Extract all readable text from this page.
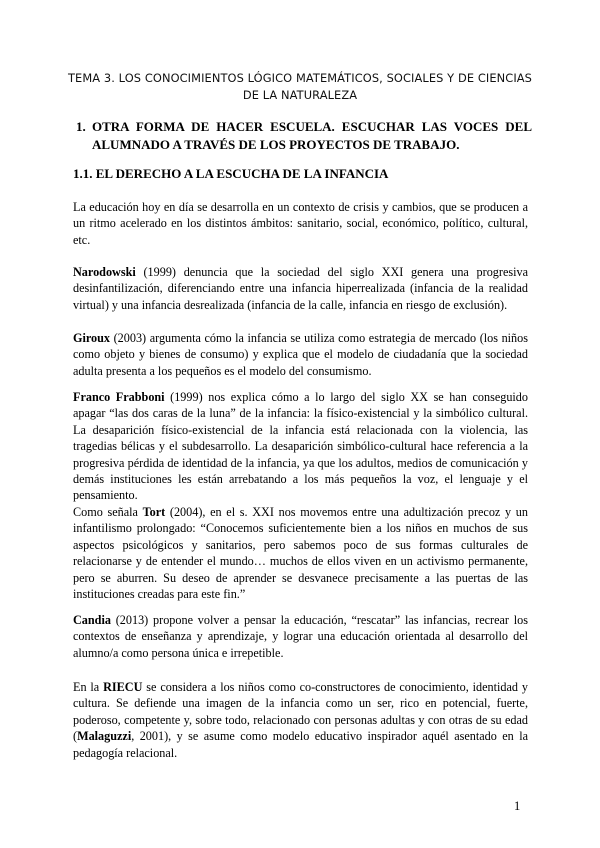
TEMA 3. LOS CONOCIMIENTOS LÓGICO MATEMÁTICOS, SOCIALES Y DE CIENCIAS DE LA NATURALEZA
1. OTRA FORMA DE HACER ESCUELA. ESCUCHAR LAS VOCES DEL ALUMNADO A TRAVÉS DE LOS PROYECTOS DE TRABAJO.
1.1. EL DERECHO A LA ESCUCHA DE LA INFANCIA

La educación hoy en día se desarrolla en un contexto de crisis y cambios, que se producen a un ritmo acelerado en los distintos ámbitos: sanitario, social, económico, político, cultural, etc.

Narodowski (1999) denuncia que la sociedad del siglo XXI genera una progresiva desinfantilización, diferenciando entre una infancia hiperrealizada (infancia de la realidad virtual) y una infancia desrealizada (infancia de la calle, infancia en riesgo de exclusión).

Giroux (2003) argumenta cómo la infancia se utiliza como estrategia de mercado (los niños como objeto y bienes de consumo) y explica que el modelo de ciudadanía que la sociedad adulta presenta a los pequeños es el modelo del consumismo.

Franco Frabboni (1999) nos explica cómo a lo largo del siglo XX se han conseguido apagar “las dos caras de la luna” de la infancia: la físico-existencial y la simbólico cultural. La desaparición físico-existencial de la infancia está relacionada con la violencia, las tragedias bélicas y el subdesarrollo. La desaparición simbólico-cultural hace referencia a la progresiva pérdida de identidad de la infancia, ya que los adultos, medios de comunicación y demás instituciones les están arrebatando a los más pequeños la voz, el lenguaje y el pensamiento.

Como señala Tort (2004), en el s. XXI nos movemos entre una adultización precoz y un infantilismo prolongado: “Conocemos suficientemente bien a los niños en muchos de sus aspectos psicológicos y sanitarios, pero sabemos poco de sus formas culturales de relacionarse y de entender el mundo… muchos de ellos viven en un activismo permanente, pero se aburren. Su deseo de aprender se desvanece precisamente a las puertas de las instituciones creadas para este fin.”

Candia (2013) propone volver a pensar la educación, “rescatar” las infancias, recrear los contextos de enseñanza y aprendizaje, y lograr una educación orientada al desarrollo del alumno/a como persona única e irrepetible.

En la RIECU se considera a los niños como co-constructores de conocimiento, identidad y cultura. Se defiende una imagen de la infancia como un ser, rico en potencial, fuerte, poderoso, competente y, sobre todo, relacionado con personas adultas y con otras de su edad (Malaguzzi, 2001), y se asume como modelo educativo inspirador aquél asentado en la pedagogía relacional.

1
